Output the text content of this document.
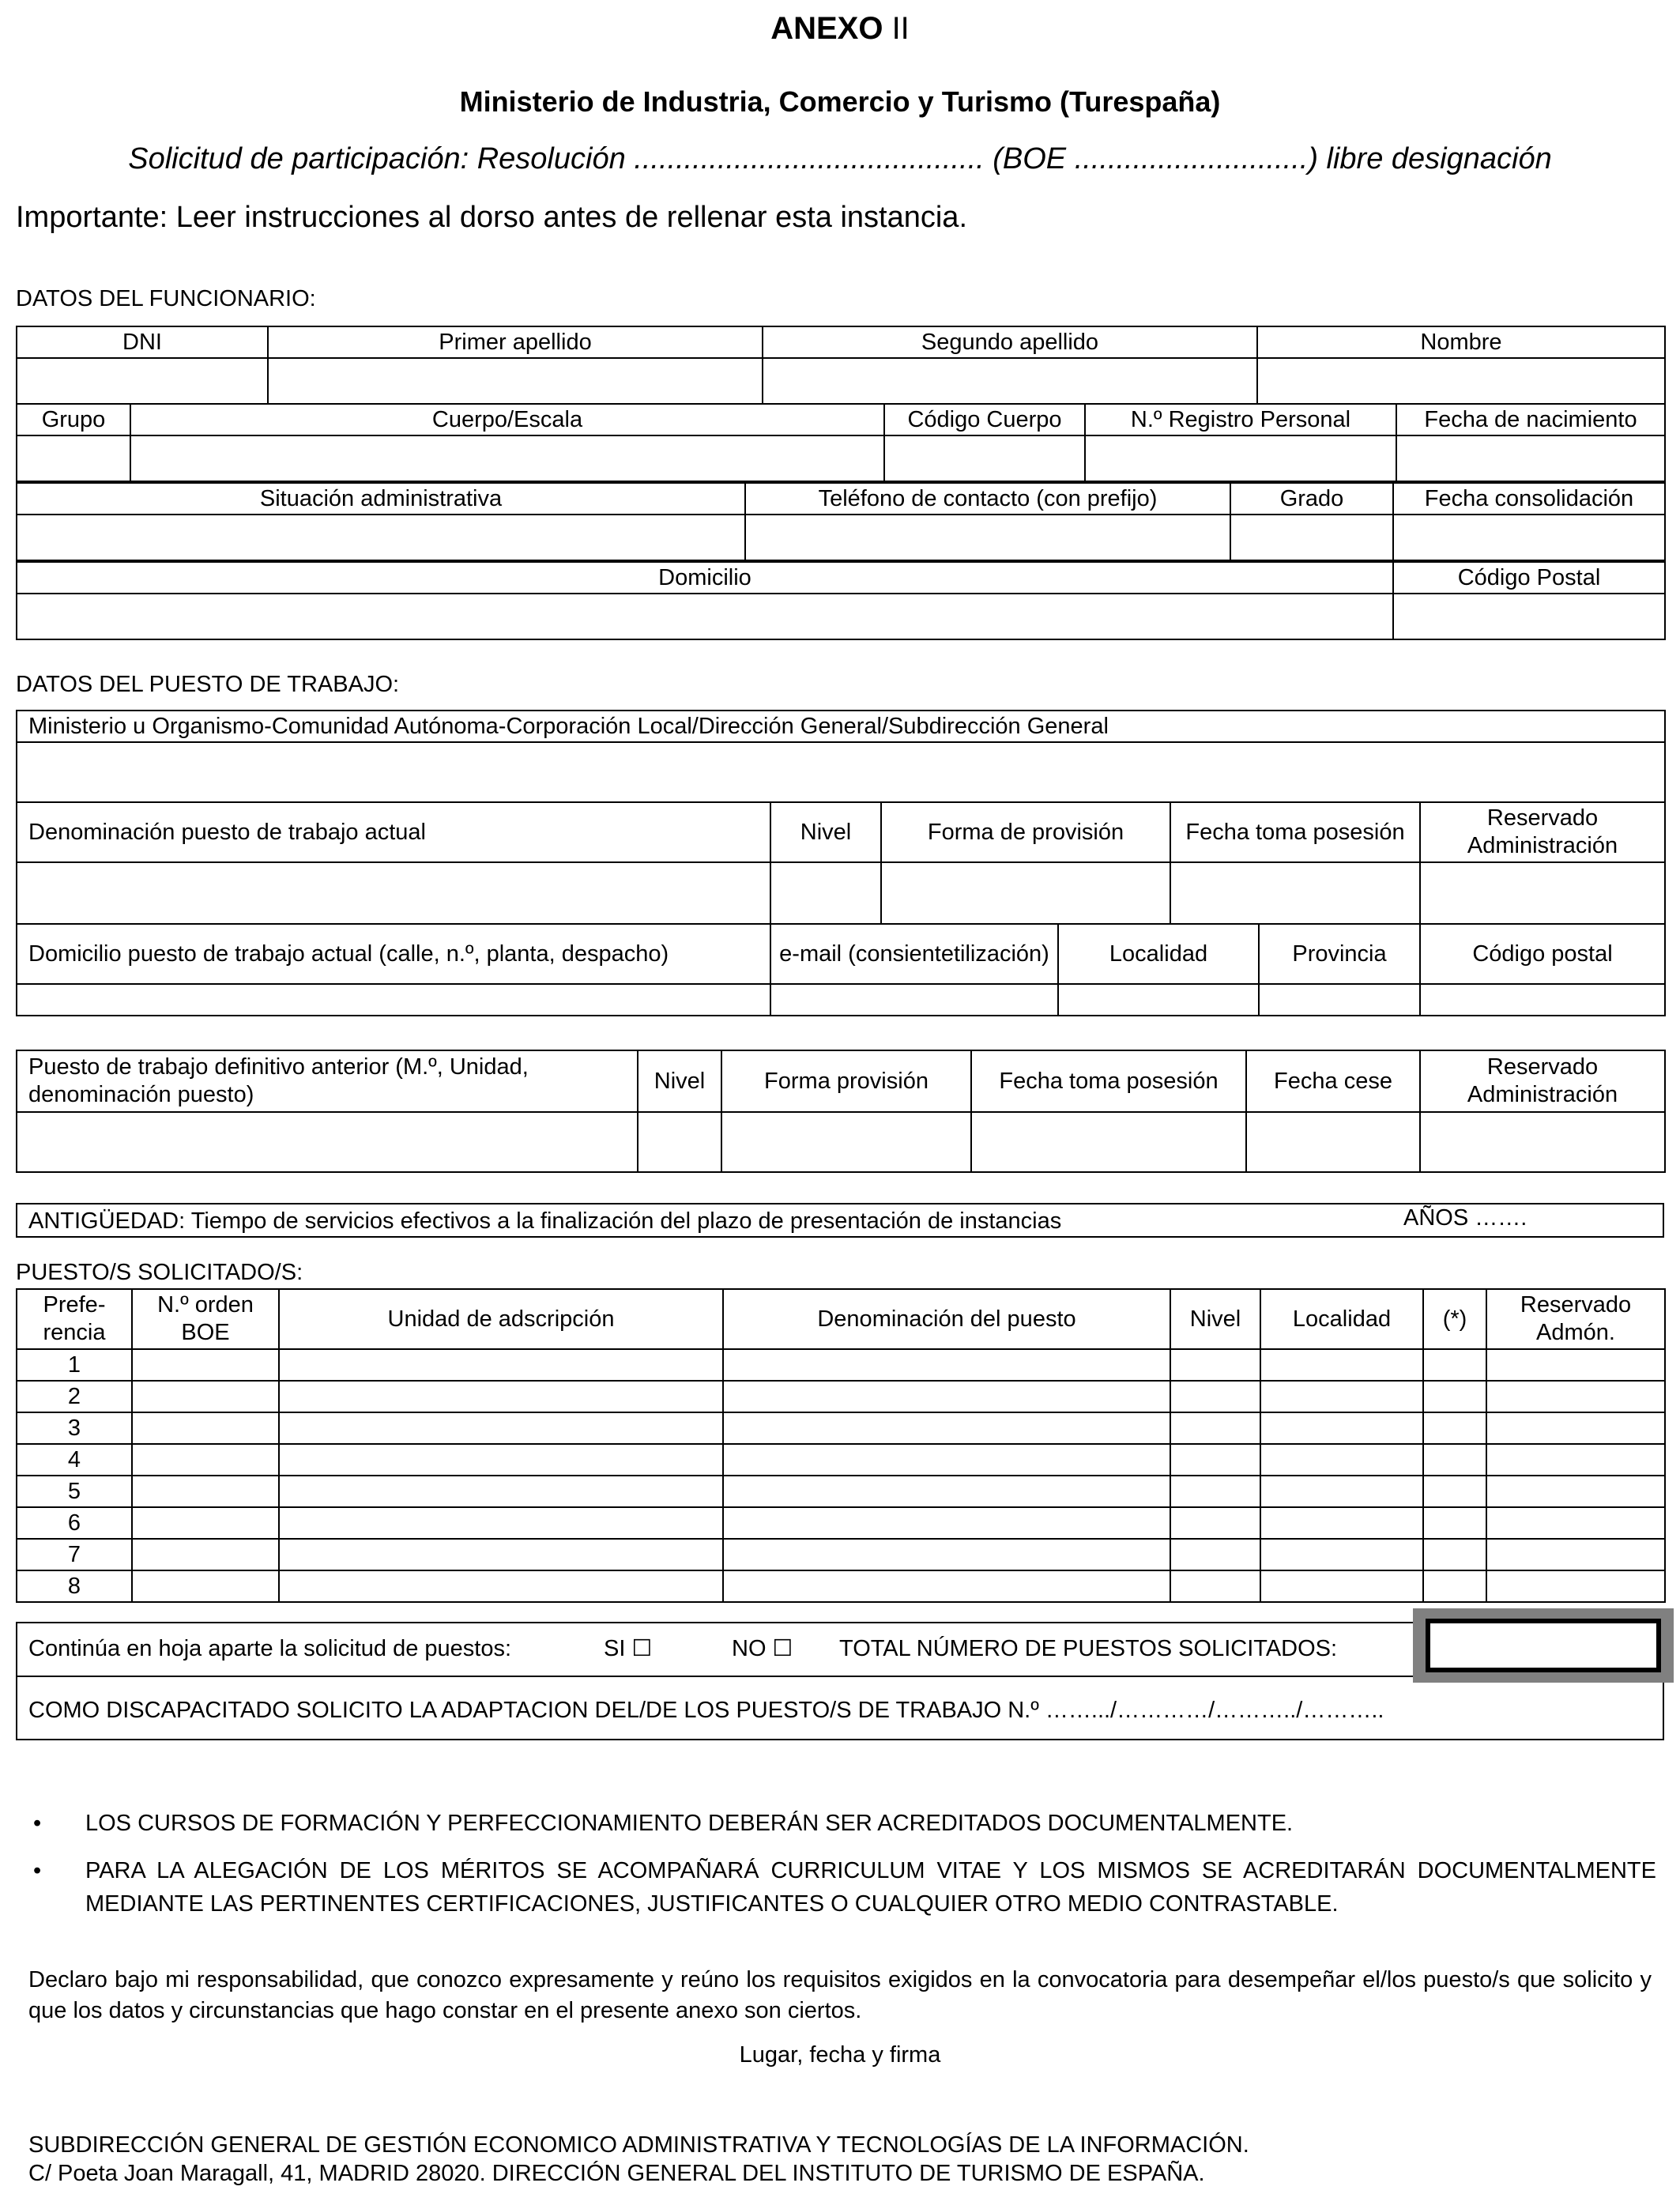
ANEXO II
Ministerio de Industria, Comercio y Turismo (Turespaña)
Solicitud de participación: Resolución .......................................... (BOE ............................) libre designación
Importante: Leer instrucciones al dorso antes de rellenar esta instancia.
DATOS DEL FUNCIONARIO:
DNI	Primer apellido	Segundo apellido	Nombre

Grupo	Cuerpo/Escala	Código Cuerpo	N.º Registro Personal	Fecha de nacimiento

Situación administrativa	Teléfono de contacto (con prefijo)	Grado	Fecha consolidación

Domicilio	Código Postal

DATOS DEL PUESTO DE TRABAJO:
Ministerio u Organismo-Comunidad Autónoma-Corporación Local/Dirección General/Subdirección General

Denominación puesto de trabajo actual	Nivel	Forma de provisión	Fecha toma posesión	Reservado Administración

Domicilio puesto de trabajo actual (calle, n.º, planta, despacho)	e-mail (consientetilización)	Localidad	Provincia	Código postal

Puesto de trabajo definitivo anterior (M.º, Unidad, denominación puesto)	Nivel	Forma provisión	Fecha toma posesión	Fecha cese	Reservado Administración

ANTIGÜEDAD: Tiempo de servicios efectivos a la finalización del plazo de presentación de instancias	AÑOS …….
PUESTO/S SOLICITADO/S:
Prefe-rencia	N.º orden BOE	Unidad de adscripción	Denominación del puesto	Nivel	Localidad	(*)	Reservado Admón.
1							
2							
3							
4							
5							
6							
7							
8							
Continúa en hoja aparte la solicitud de puestos:	SI ☐	NO ☐ TOTAL NÚMERO DE PUESTOS SOLICITADOS:
COMO DISCAPACITADO SOLICITO LA ADAPTACION DEL/DE LOS PUESTO/S DE TRABAJO N.º …….../…………/………../………..
• LOS CURSOS DE FORMACIÓN Y PERFECCIONAMIENTO DEBERÁN SER ACREDITADOS DOCUMENTALMENTE.
• PARA LA ALEGACIÓN DE LOS MÉRITOS SE ACOMPAÑARÁ CURRICULUM VITAE Y LOS MISMOS SE ACREDITARÁN DOCUMENTALMENTE MEDIANTE LAS PERTINENTES CERTIFICACIONES, JUSTIFICANTES O CUALQUIER OTRO MEDIO CONTRASTABLE.
Declaro bajo mi responsabilidad, que conozco expresamente y reúno los requisitos exigidos en la convocatoria para desempeñar el/los puesto/s que solicito y que los datos y circunstancias que hago constar en el presente anexo son ciertos.
Lugar, fecha y firma
SUBDIRECCIÓN GENERAL DE GESTIÓN ECONOMICO ADMINISTRATIVA Y TECNOLOGÍAS DE LA INFORMACIÓN.
C/ Poeta Joan Maragall, 41, MADRID 28020. DIRECCIÓN GENERAL DEL INSTITUTO DE TURISMO DE ESPAÑA.
